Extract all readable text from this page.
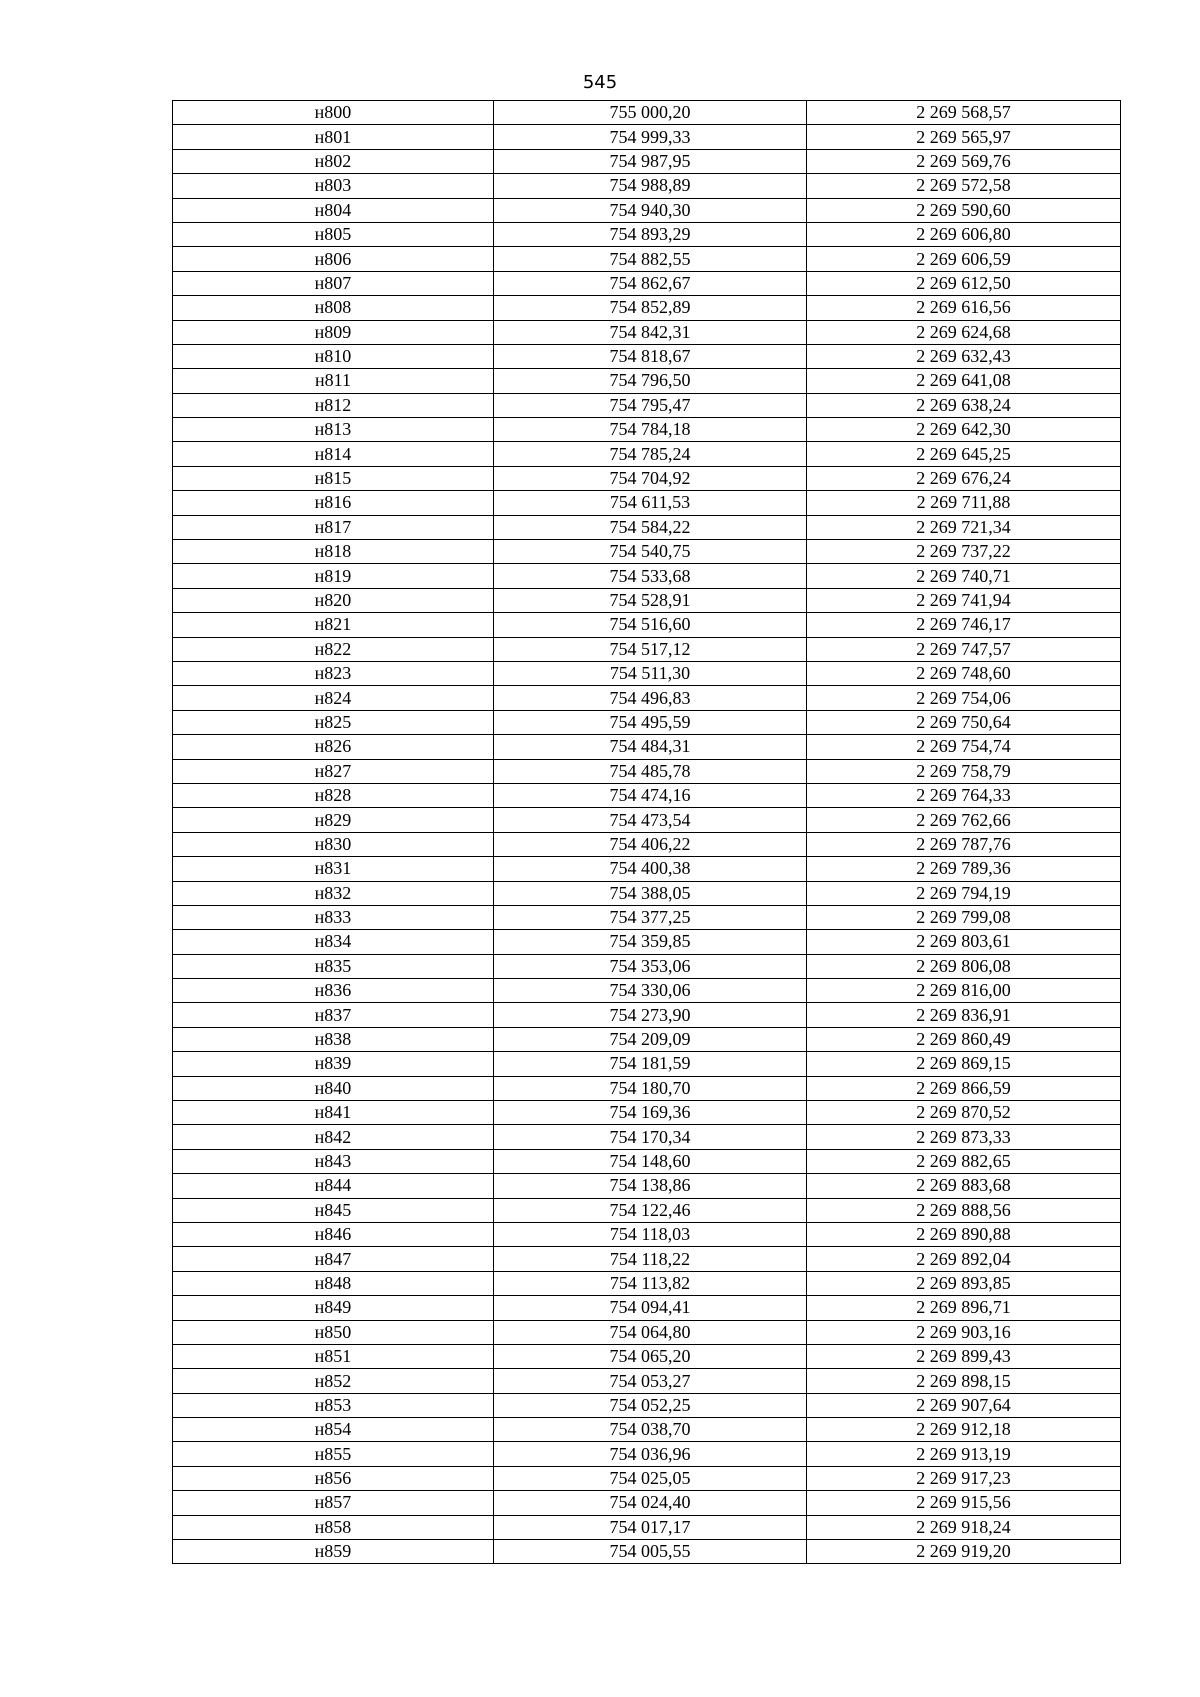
545
н800	755 000,20	2 269 568,57
н801	754 999,33	2 269 565,97
н802	754 987,95	2 269 569,76
н803	754 988,89	2 269 572,58
н804	754 940,30	2 269 590,60
н805	754 893,29	2 269 606,80
н806	754 882,55	2 269 606,59
н807	754 862,67	2 269 612,50
н808	754 852,89	2 269 616,56
н809	754 842,31	2 269 624,68
н810	754 818,67	2 269 632,43
н811	754 796,50	2 269 641,08
н812	754 795,47	2 269 638,24
н813	754 784,18	2 269 642,30
н814	754 785,24	2 269 645,25
н815	754 704,92	2 269 676,24
н816	754 611,53	2 269 711,88
н817	754 584,22	2 269 721,34
н818	754 540,75	2 269 737,22
н819	754 533,68	2 269 740,71
н820	754 528,91	2 269 741,94
н821	754 516,60	2 269 746,17
н822	754 517,12	2 269 747,57
н823	754 511,30	2 269 748,60
н824	754 496,83	2 269 754,06
н825	754 495,59	2 269 750,64
н826	754 484,31	2 269 754,74
н827	754 485,78	2 269 758,79
н828	754 474,16	2 269 764,33
н829	754 473,54	2 269 762,66
н830	754 406,22	2 269 787,76
н831	754 400,38	2 269 789,36
н832	754 388,05	2 269 794,19
н833	754 377,25	2 269 799,08
н834	754 359,85	2 269 803,61
н835	754 353,06	2 269 806,08
н836	754 330,06	2 269 816,00
н837	754 273,90	2 269 836,91
н838	754 209,09	2 269 860,49
н839	754 181,59	2 269 869,15
н840	754 180,70	2 269 866,59
н841	754 169,36	2 269 870,52
н842	754 170,34	2 269 873,33
н843	754 148,60	2 269 882,65
н844	754 138,86	2 269 883,68
н845	754 122,46	2 269 888,56
н846	754 118,03	2 269 890,88
н847	754 118,22	2 269 892,04
н848	754 113,82	2 269 893,85
н849	754 094,41	2 269 896,71
н850	754 064,80	2 269 903,16
н851	754 065,20	2 269 899,43
н852	754 053,27	2 269 898,15
н853	754 052,25	2 269 907,64
н854	754 038,70	2 269 912,18
н855	754 036,96	2 269 913,19
н856	754 025,05	2 269 917,23
н857	754 024,40	2 269 915,56
н858	754 017,17	2 269 918,24
н859	754 005,55	2 269 919,20
